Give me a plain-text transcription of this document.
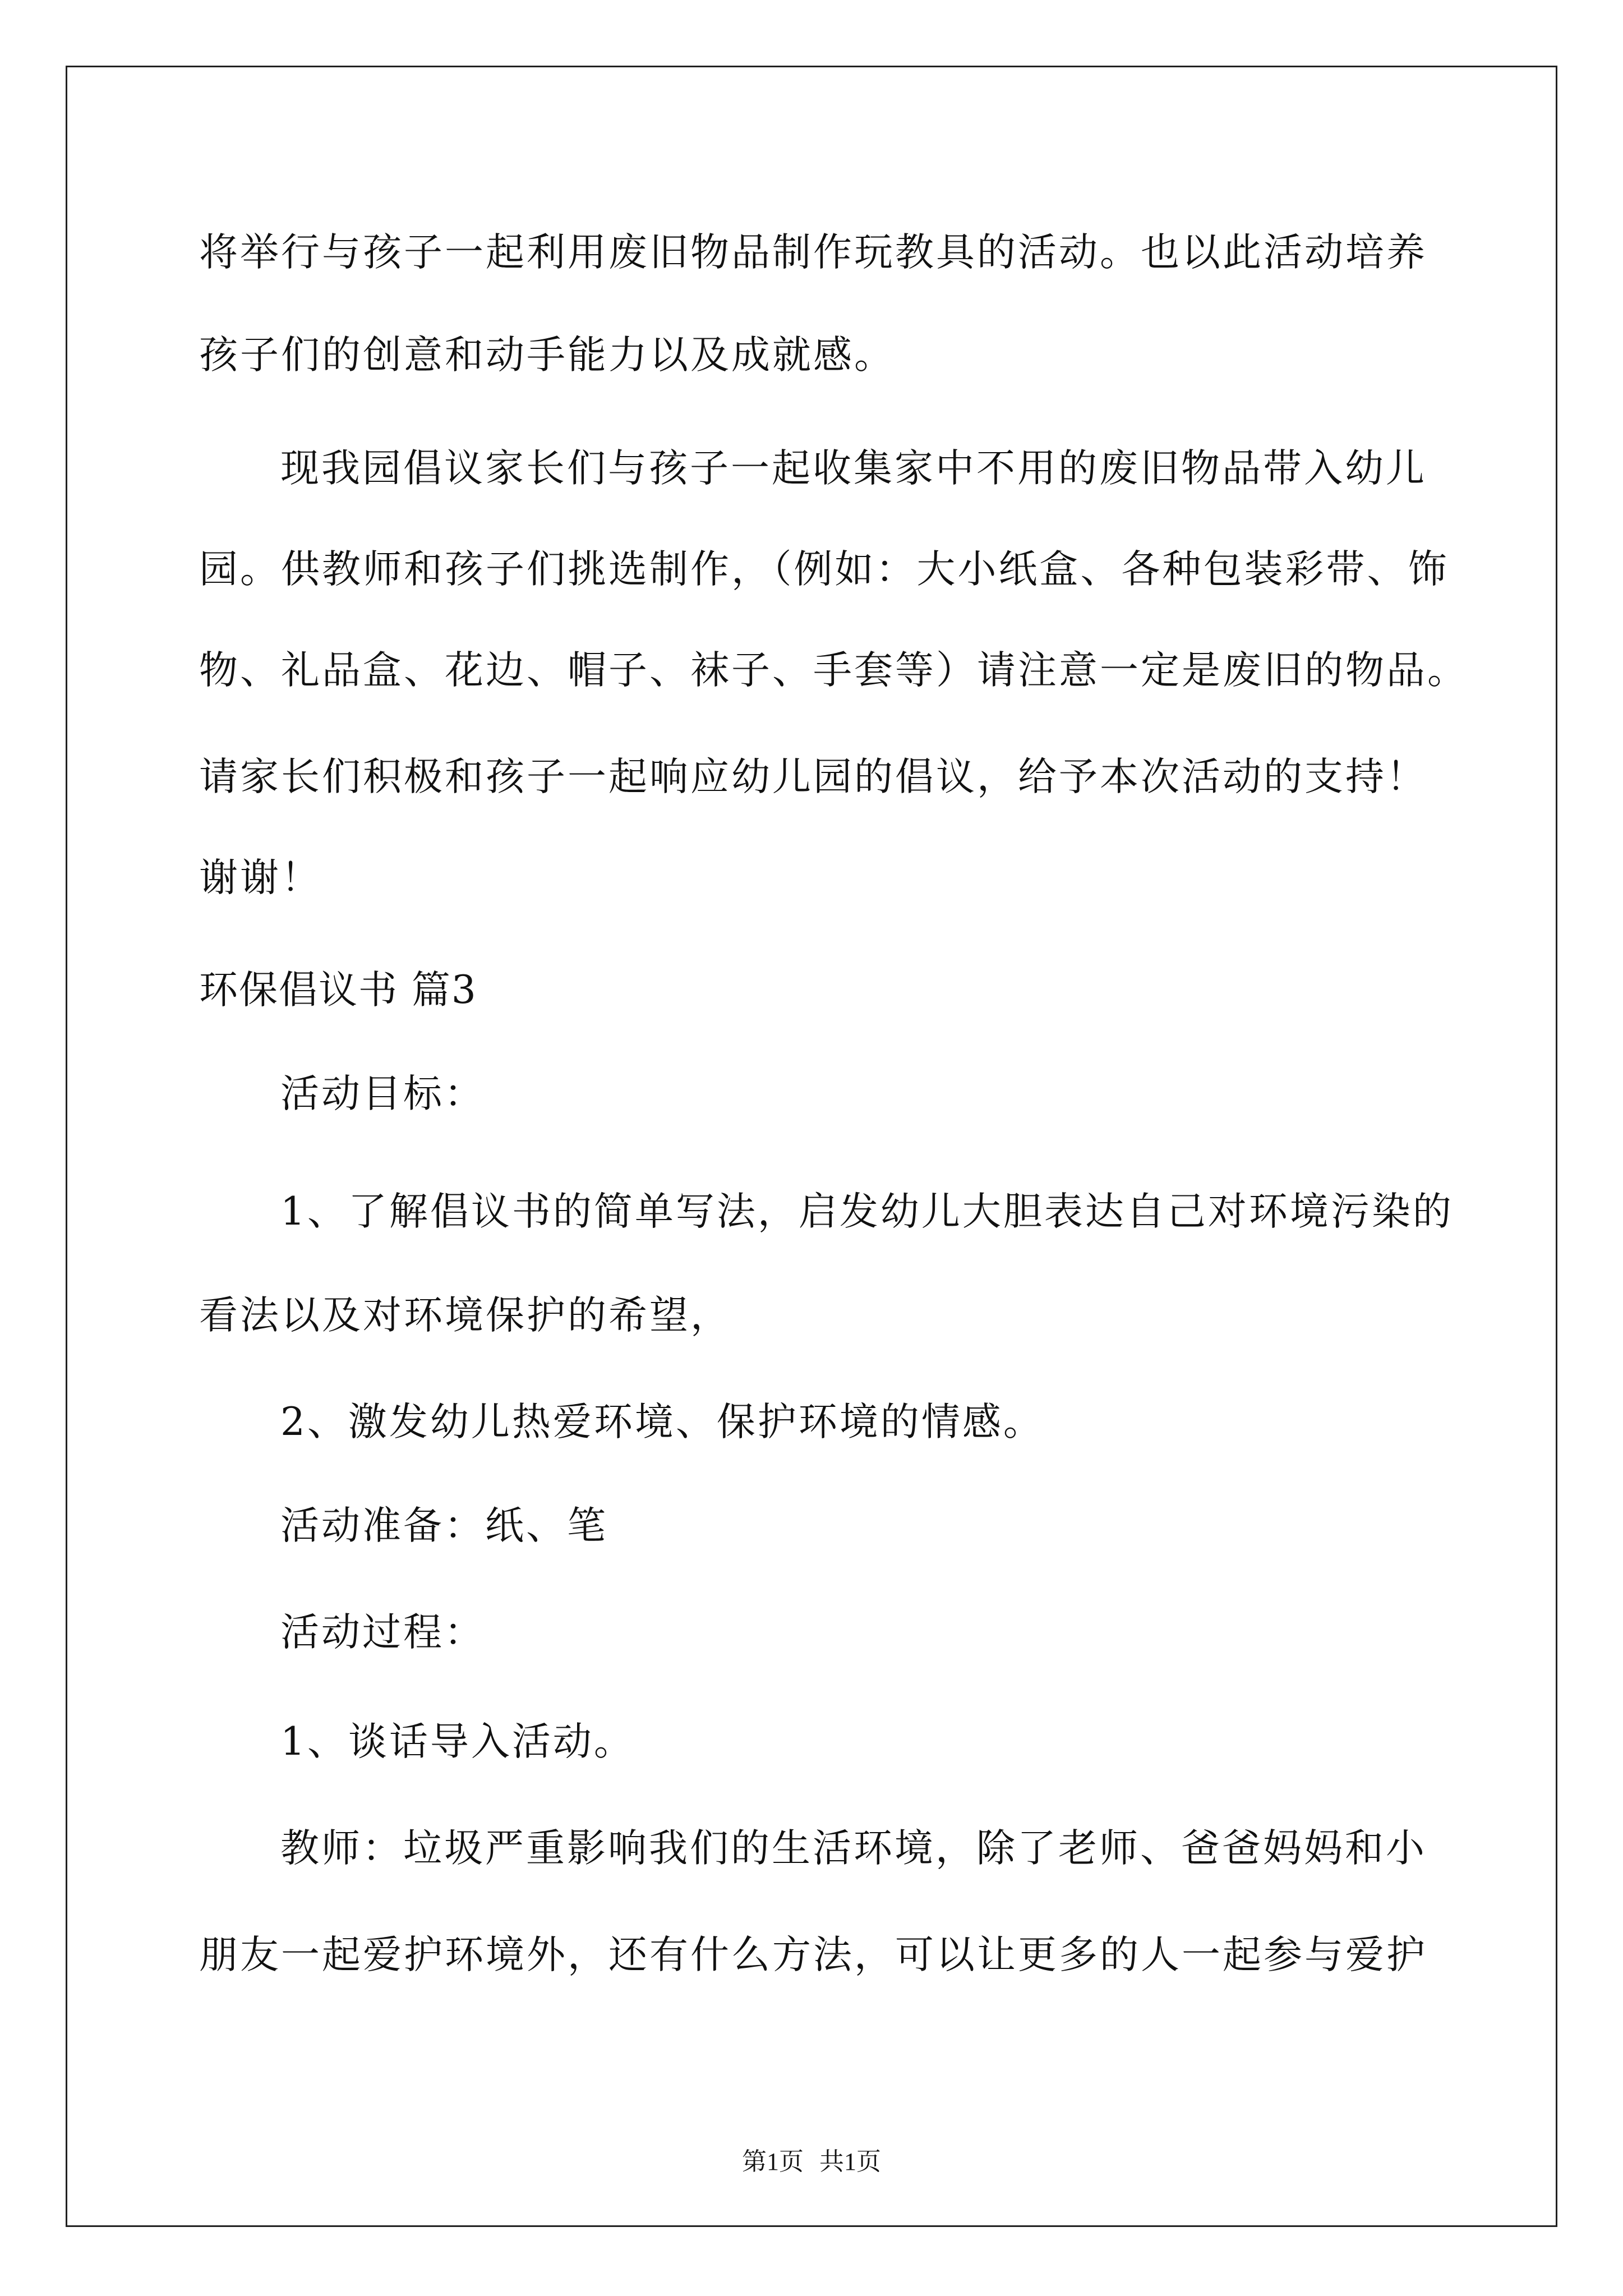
将举行与孩子一起利用废旧物品制作玩教具的活动。也以此活动培养
孩子们的创意和动手能力以及成就感。
现我园倡议家长们与孩子一起收集家中不用的废旧物品带入幼儿
园。供教师和孩子们挑选制作，（例如：大小纸盒、各种包装彩带、饰
物、礼品盒、花边、帽子、袜子、手套等）请注意一定是废旧的物品。
请家长们积极和孩子一起响应幼儿园的倡议，给予本次活动的支持！
谢谢！
环保倡议书 篇3
活动目标：
1、了解倡议书的简单写法，启发幼儿大胆表达自己对环境污染的
看法以及对环境保护的希望，
2、激发幼儿热爱环境、保护环境的情感。
活动准备：纸、笔
活动过程：
1、谈话导入活动。
教师：垃圾严重影响我们的生活环境，除了老师、爸爸妈妈和小
朋友一起爱护环境外，还有什么方法，可以让更多的人一起参与爱护
第1页 共1页
